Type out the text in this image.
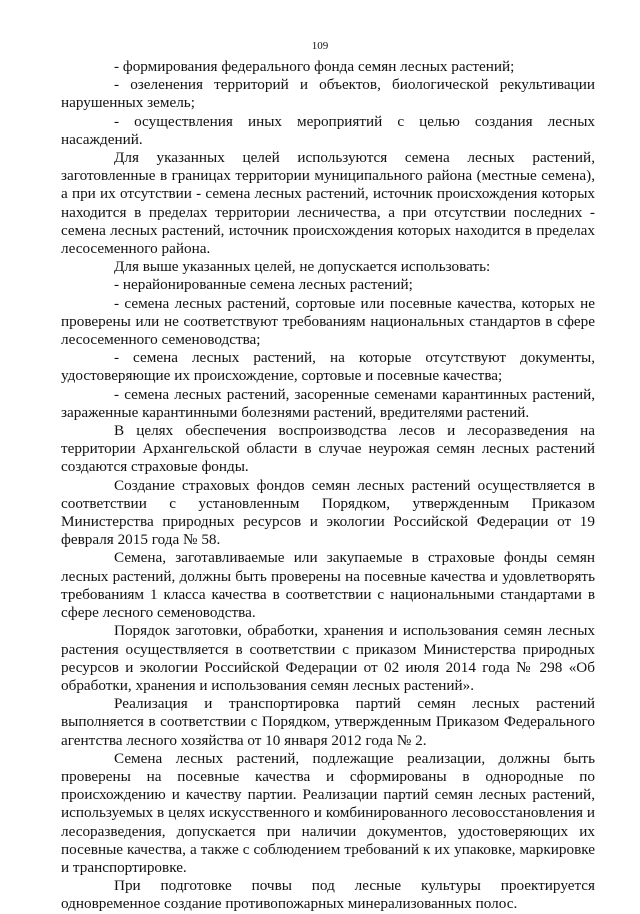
109

- формирования федерального фонда семян лесных растений;

- озеленения территорий и объектов, биологической рекультивации нарушенных земель;

- осуществления иных мероприятий с целью создания лесных насаждений.

Для указанных целей используются семена лесных растений, заготовленные в границах территории муниципального района (местные семена), а при их отсутствии - семена лесных растений, источник происхождения которых находится в пределах территории лесничества, а при отсутствии последних - семена лесных растений, источник происхождения которых находится в пределах лесосеменного района.

Для выше указанных целей, не допускается использовать:

- нерайонированные семена лесных растений;

- семена лесных растений, сортовые или посевные качества, которых не проверены или не соответствуют требованиям национальных стандартов в сфере лесосеменного семеноводства;

- семена лесных растений, на которые отсутствуют документы, удостоверяющие их происхождение, сортовые и посевные качества;

- семена лесных растений, засоренные семенами карантинных растений, зараженные карантинными болезнями растений, вредителями растений.

В целях обеспечения воспроизводства лесов и лесоразведения на территории Архангельской области в случае неурожая семян лесных растений создаются страховые фонды.

Создание страховых фондов семян лесных растений осуществляется в соответствии с установленным Порядком, утвержденным Приказом Министерства природных ресурсов и экологии Российской Федерации от 19 февраля 2015 года № 58.

Семена, заготавливаемые или закупаемые в страховые фонды семян лесных растений, должны быть проверены на посевные качества и удовлетворять требованиям 1 класса качества в соответствии с национальными стандартами в сфере лесного семеноводства.

Порядок заготовки, обработки, хранения и использования семян лесных растения осуществляется в соответствии с приказом Министерства природных ресурсов и экологии Российской Федерации от 02 июля 2014 года № 298 «Об обработки, хранения и использования семян лесных растений».

Реализация и транспортировка партий семян лесных растений выполняется в соответствии с Порядком, утвержденным Приказом Федерального агентства лесного хозяйства от 10 января 2012 года № 2.

Семена лесных растений, подлежащие реализации, должны быть проверены на посевные качества и сформированы в однородные по происхождению и качеству партии. Реализации партий семян лесных растений, используемых в целях искусственного и комбинированного лесовосстановления и лесоразведения, допускается при наличии документов, удостоверяющих их посевные качества, а также с соблюдением требований к их упаковке, маркировке и транспортировке.

При подготовке почвы под лесные культуры проектируется одновременное создание противопожарных минерализованных полос.
